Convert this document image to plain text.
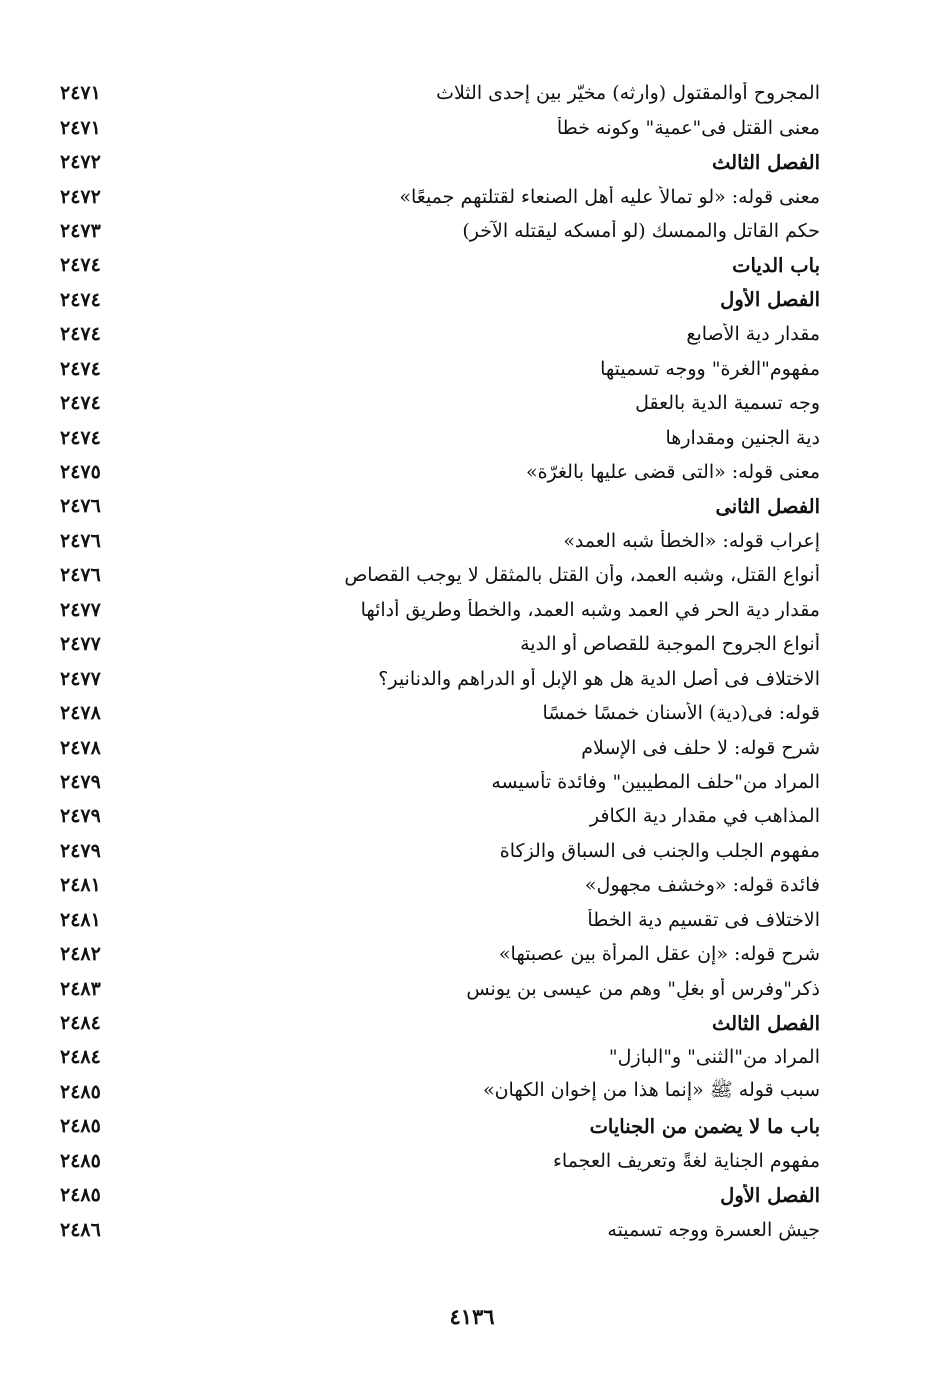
المجروح أوالمقتول (وارثه) مخيّر بين إحدى الثلاث
٢٤٧١
معنى القتل فى"عمية" وكونه خطأ
٢٤٧١
الفصل الثالث
٢٤٧٢
معنى قوله: «لو تمالأ عليه أهل الصنعاء لقتلتهم جميعًا»
٢٤٧٢
حكم القاتل والممسك (لو أمسكه ليقتله الآخر)
٢٤٧٣
باب الديات
٢٤٧٤
الفصل الأول
٢٤٧٤
مقدار دية الأصابع
٢٤٧٤
مفهوم"الغرة" ووجه تسميتها
٢٤٧٤
وجه تسمية الدية بالعقل
٢٤٧٤
دية الجنين ومقدارها
٢٤٧٤
معنى قوله: «التى قضى عليها بالغرّة»
٢٤٧٥
الفصل الثانى
٢٤٧٦
إعراب قوله: «الخطأ شبه العمد»
٢٤٧٦
أنواع القتل، وشبه العمد، وأن القتل بالمثقل لا يوجب القصاص
٢٤٧٦
مقدار دية الحر في العمد وشبه العمد، والخطأ وطريق أدائها
٢٤٧٧
أنواع الجروح الموجبة للقصاص أو الدية
٢٤٧٧
الاختلاف فى أصل الدية هل هو الإبل أو الدراهم والدنانير؟
٢٤٧٧
قوله: فى(دية) الأسنان خمسًا خمسًا
٢٤٧٨
شرح قوله: لا حلف فى الإسلام
٢٤٧٨
المراد من"حلف المطيبين" وفائدة تأسيسه
٢٤٧٩
المذاهب في مقدار دية الكافر
٢٤٧٩
مفهوم الجلب والجنب فى السباق والزكاة
٢٤٧٩
فائدة قوله: «وخشف مجهول»
٢٤٨١
الاختلاف فى تقسيم دية الخطأ
٢٤٨١
شرح قوله: «إن عقل المرأة بين عصبتها»
٢٤٨٢
ذكر"وفرسٍ أو بغلٍ" وهم من عيسى بن يونس
٢٤٨٣
الفصل الثالث
٢٤٨٤
المراد من"الثنى" و"البازل"
٢٤٨٤
سبب قوله ﷺ «إنما هذا من إخوان الكهان»
٢٤٨٥
باب ما لا يضمن من الجنايات
٢٤٨٥
مفهوم الجناية لغةً وتعريف العجماء
٢٤٨٥
الفصل الأول
٢٤٨٥
جيش العسرة ووجه تسميته
٢٤٨٦
٤١٣٦
